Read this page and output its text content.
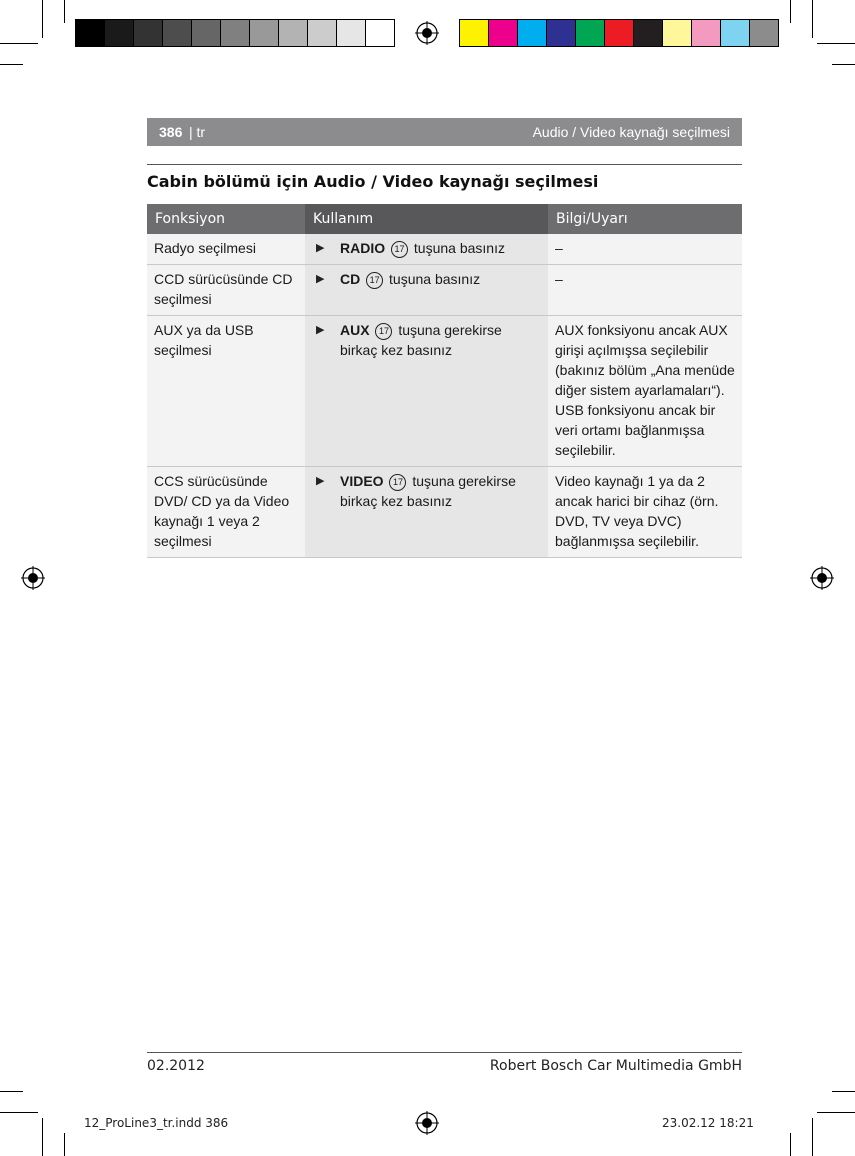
386 | tr	Audio / Video kaynağı seçilmesi
Cabin bölümü için Audio / Video kaynağı seçilmesi
Fonksiyon	Kullanım	Bilgi/Uyarı
Radyo seçilmesi	▶ RADIO 17 tuşuna basınız	–
CCD sürücüsünde CD seçilmesi	▶ CD 17 tuşuna basınız	–
AUX ya da USB seçilmesi	▶ AUX 17 tuşuna gerekirse birkaç kez basınız	AUX fonksiyonu ancak AUX girişi açılmışsa seçilebilir (bakınız bölüm „Ana menüde diğer sistem ayarlamaları“). USB fonksiyonu ancak bir veri ortamı bağlanmışsa seçilebilir.
CCS sürücüsünde DVD/ CD ya da Video kaynağı 1 veya 2 seçilmesi	▶ VIDEO 17 tuşuna gerekirse birkaç kez basınız	Video kaynağı 1 ya da 2 ancak harici bir cihaz (örn. DVD, TV veya DVC) bağlanmışsa seçilebilir.
02.2012	Robert Bosch Car Multimedia GmbH
12_ProLine3_tr.indd 386	23.02.12 18:21
